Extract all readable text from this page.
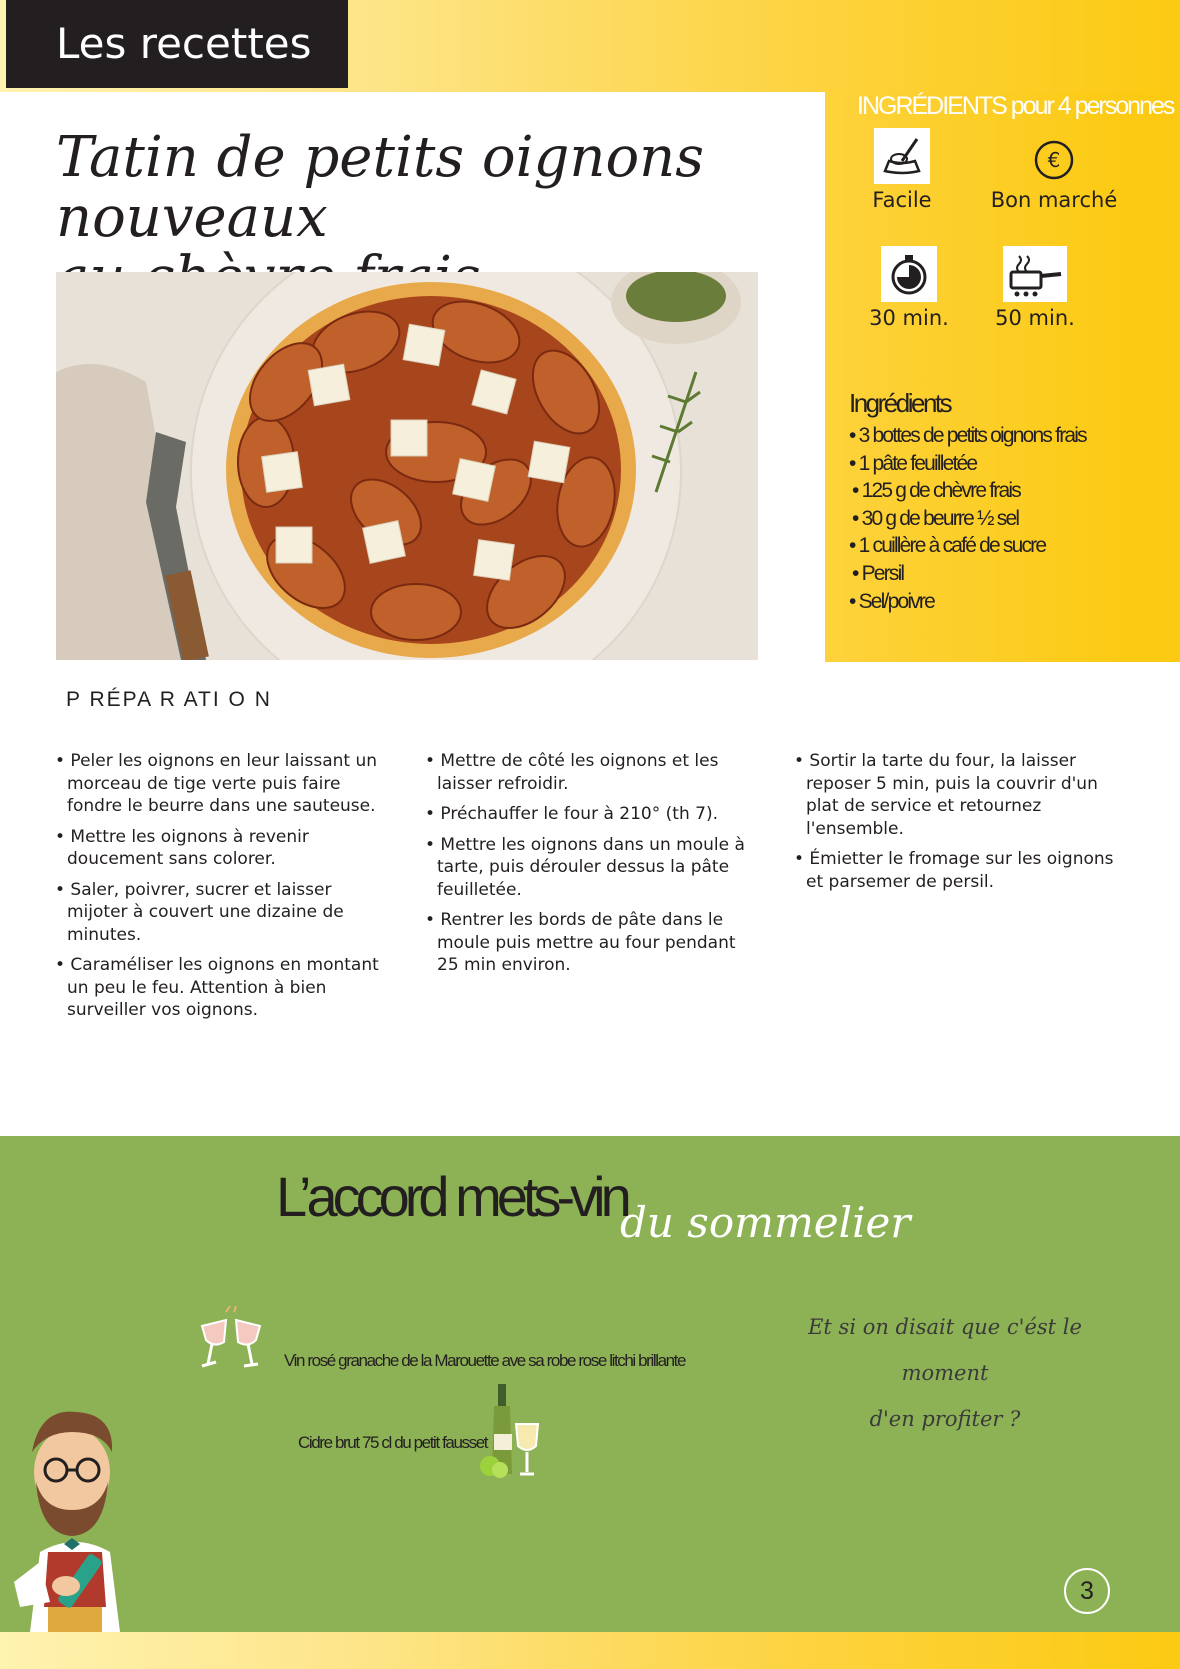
Les recettes
INGRÉDIENTS pour 4 personnes
Facile
€
Bon marché
30 min. 50 min.
Ingrédients
• 3 bottes de petits oignons frais
• 1 pâte feuilletée
• 125 g de chèvre frais
• 30 g de beurre ½ sel
• 1 cuillère à café de sucre
• Persil
• Sel/poivre
Tatin de petits oignons nouveaux

P RÉPA R ATI O N

• Peler les oignons en leur laissant un morceau de tige verte puis faire fondre le beurre dans une sauteuse.

• Mettre les oignons à revenir doucement sans colorer.

• Saler, poivrer, sucrer et laisser mijoter à couvert une dizaine de minutes.

• Caraméliser les oignons en montant un peu le feu. Attention à bien surveiller vos oignons.

• Mettre de côté les oignons et les laisser refroidir.

• Préchauffer le four à 210° (th 7).

• Mettre les oignons dans un moule à tarte, puis dérouler dessus la pâte feuilletée.

• Rentrer les bords de pâte dans le moule puis mettre au four pendant 25 min environ.

• Sortir la tarte du four, la laisser reposer 5 min, puis la couvrir d'un plat de service et retournez l'ensemble.

• Émietter le fromage sur les oignons et parsemer de persil.

L’accord mets-vin
du sommelier
Vin rosé granache de la Marouette ave sa robe rose litchi brillante
Cidre brut 75 cl du petit fausset
Et si on disait que c'ést le moment
d'en profiter ?
3
